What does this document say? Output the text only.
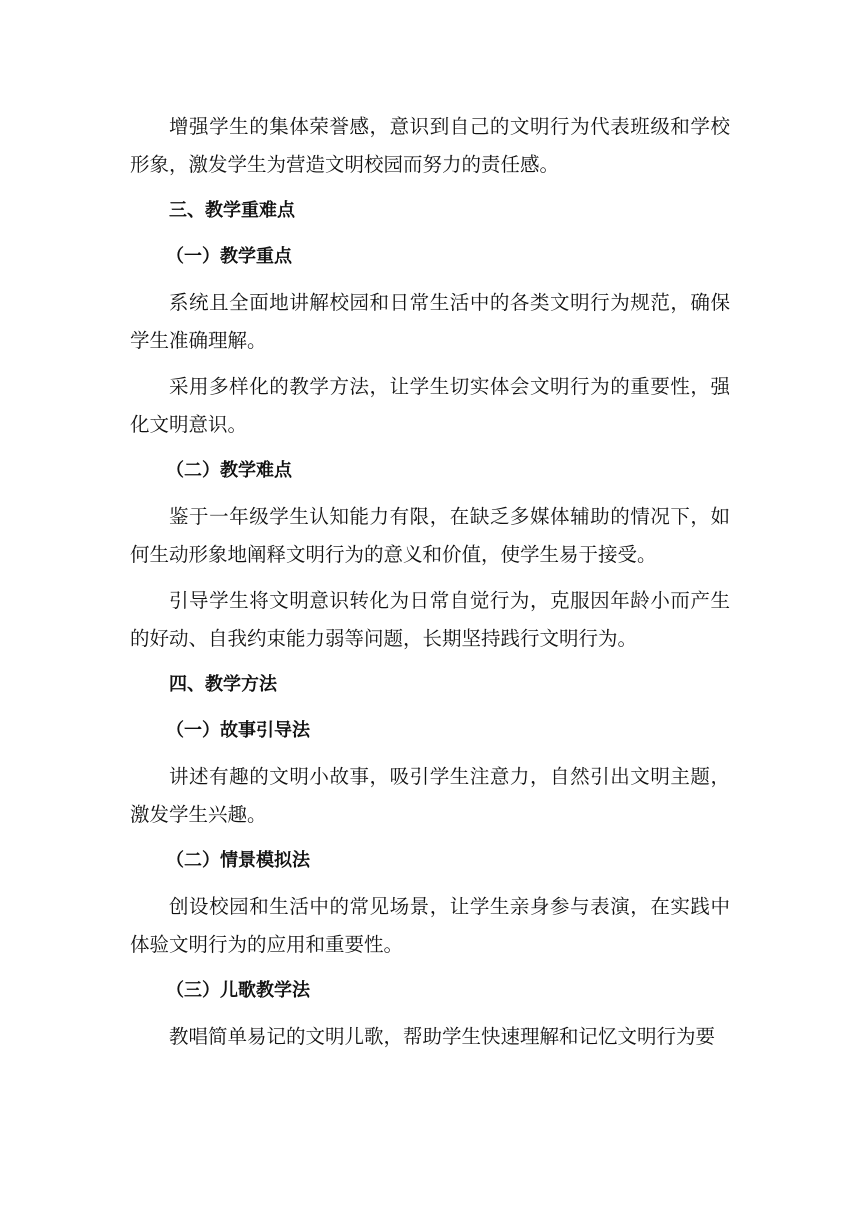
增强学生的集体荣誉感，意识到自己的文明行为代表班级和学校形象，激发学生为营造文明校园而努力的责任感。

三、教学重难点
（一）教学重点

系统且全面地讲解校园和日常生活中的各类文明行为规范，确保学生准确理解。

采用多样化的教学方法，让学生切实体会文明行为的重要性，强化文明意识。

（二）教学难点

鉴于一年级学生认知能力有限，在缺乏多媒体辅助的情况下，如何生动形象地阐释文明行为的意义和价值，使学生易于接受。

引导学生将文明意识转化为日常自觉行为，克服因年龄小而产生的好动、自我约束能力弱等问题，长期坚持践行文明行为。

四、教学方法
（一）故事引导法

讲述有趣的文明小故事，吸引学生注意力，自然引出文明主题，激发学生兴趣。

（二）情景模拟法

创设校园和生活中的常见场景，让学生亲身参与表演，在实践中体验文明行为的应用和重要性。

（三）儿歌教学法

教唱简单易记的文明儿歌，帮助学生快速理解和记忆文明行为要
